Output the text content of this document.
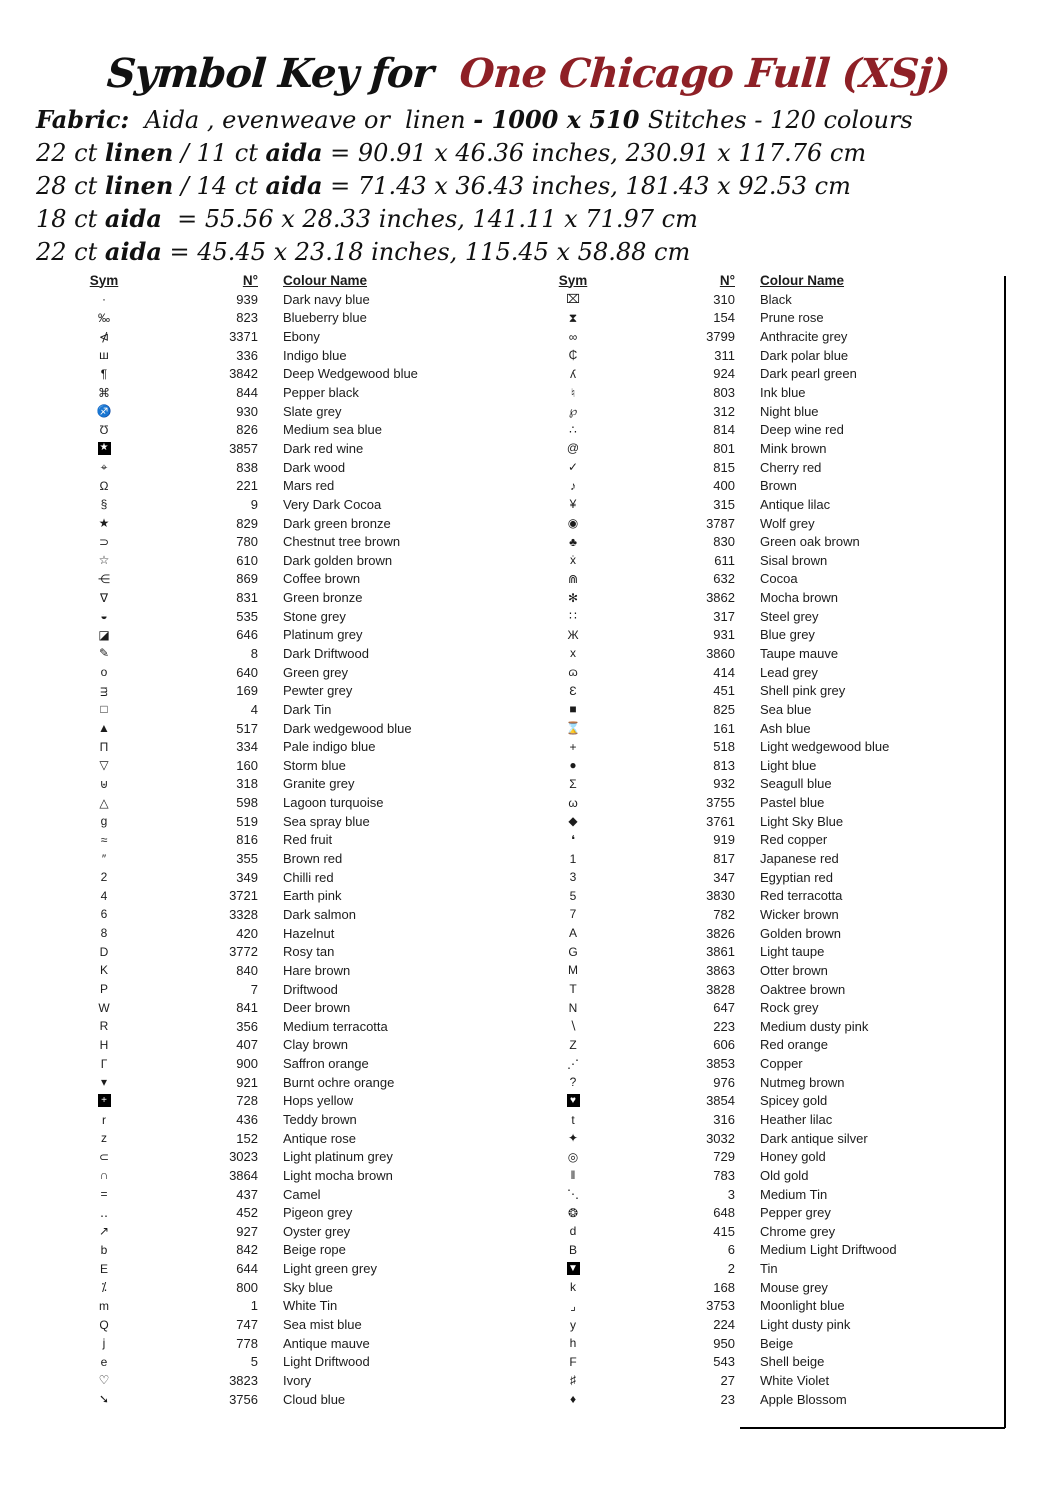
Symbol Key for One Chicago Full (XSj)

Fabric:  Aida , evenweave or  linen - 1000 x 510 Stitches - 120 colours

22 ct linen / 11 ct aida = 90.91 x 46.36 inches, 230.91 x 117.76 cm

28 ct linen / 14 ct aida = 71.43 x 36.43 inches, 181.43 x 92.53 cm

18 ct aida  = 55.56 x 28.33 inches, 141.11 x 71.97 cm

22 ct aida = 45.45 x 23.18 inches, 115.45 x 58.88 cm

Sym	N°	Colour Name
·	939	Dark navy blue
‰	823	Blueberry blue
⋪	3371	Ebony
ш	336	Indigo blue
¶	3842	Deep Wedgewood blue
⌘	844	Pepper black
♐	930	Slate grey
Ʊ	826	Medium sea blue
★	3857	Dark red wine
⌖	838	Dark wood
Ω	221	Mars red
§	9	Very Dark Cocoa
★	829	Dark green bronze
⊃	780	Chestnut tree brown
☆	610	Dark golden brown
⋲	869	Coffee brown
∇	831	Green bronze
◒	535	Stone grey
◪	646	Platinum grey
✎	8	Dark Driftwood
o	640	Green grey
ᴟ	169	Pewter grey
□	4	Dark Tin
▲	517	Dark wedgewood blue
Π	334	Pale indigo blue
▽	160	Storm blue
⊎	318	Granite grey
△	598	Lagoon turquoise
g	519	Sea spray blue
≈	816	Red fruit
″	355	Brown red
2	349	Chilli red
4	3721	Earth pink
6	3328	Dark salmon
8	420	Hazelnut
D	3772	Rosy tan
K	840	Hare brown
P	7	Driftwood
W	841	Deer brown
R	356	Medium terracotta
H	407	Clay brown
Γ	900	Saffron orange
▾	921	Burnt ochre orange
+	728	Hops yellow
r	436	Teddy brown
z	152	Antique rose
⊂	3023	Light platinum grey
∩	3864	Light mocha brown
=	437	Camel
‥	452	Pigeon grey
↗	927	Oyster grey
b	842	Beige rope
E	644	Light green grey
⁒	800	Sky blue
m	1	White Tin
Q	747	Sea mist blue
j	778	Antique mauve
e	5	Light Driftwood
♡	3823	Ivory
➘	3756	Cloud blue
Sym	N°	Colour Name
⌧	310	Black
⧗	154	Prune rose
∞	3799	Anthracite grey
₵	311	Dark polar blue
ʎ	924	Dark pearl green
♮	803	Ink blue
℘	312	Night blue
∴	814	Deep wine red
@	801	Mink brown
✓	815	Cherry red
♪	400	Brown
¥	315	Antique lilac
◉	3787	Wolf grey
♣	830	Green oak brown
ẋ	611	Sisal brown
⋒	632	Cocoa
✻	3862	Mocha brown
∷	317	Steel grey
Ж	931	Blue grey
x	3860	Taupe mauve
ɷ	414	Lead grey
Ɛ	451	Shell pink grey
■	825	Sea blue
⌛	161	Ash blue
+	518	Light wedgewood blue
●	813	Light blue
Σ	932	Seagull blue
ω	3755	Pastel blue
◆	3761	Light Sky Blue
❛	919	Red copper
1	817	Japanese red
3	347	Egyptian red
5	3830	Red terracotta
7	782	Wicker brown
A	3826	Golden brown
G	3861	Light taupe
M	3863	Otter brown
T	3828	Oaktree brown
N	647	Rock grey
∖	223	Medium dusty pink
Z	606	Red orange
⋰	3853	Copper
?	976	Nutmeg brown
♥	3854	Spicey gold
t	316	Heather lilac
✦	3032	Dark antique silver
◎	729	Honey gold
ǁ	783	Old gold
⋱	3	Medium Tin
❂	648	Pepper grey
d	415	Chrome grey
B	6	Medium Light Driftwood
▼	2	Tin
k	168	Mouse grey
⌟	3753	Moonlight blue
y	224	Light dusty pink
h	950	Beige
F	543	Shell beige
♯	27	White Violet
♦	23	Apple Blossom
